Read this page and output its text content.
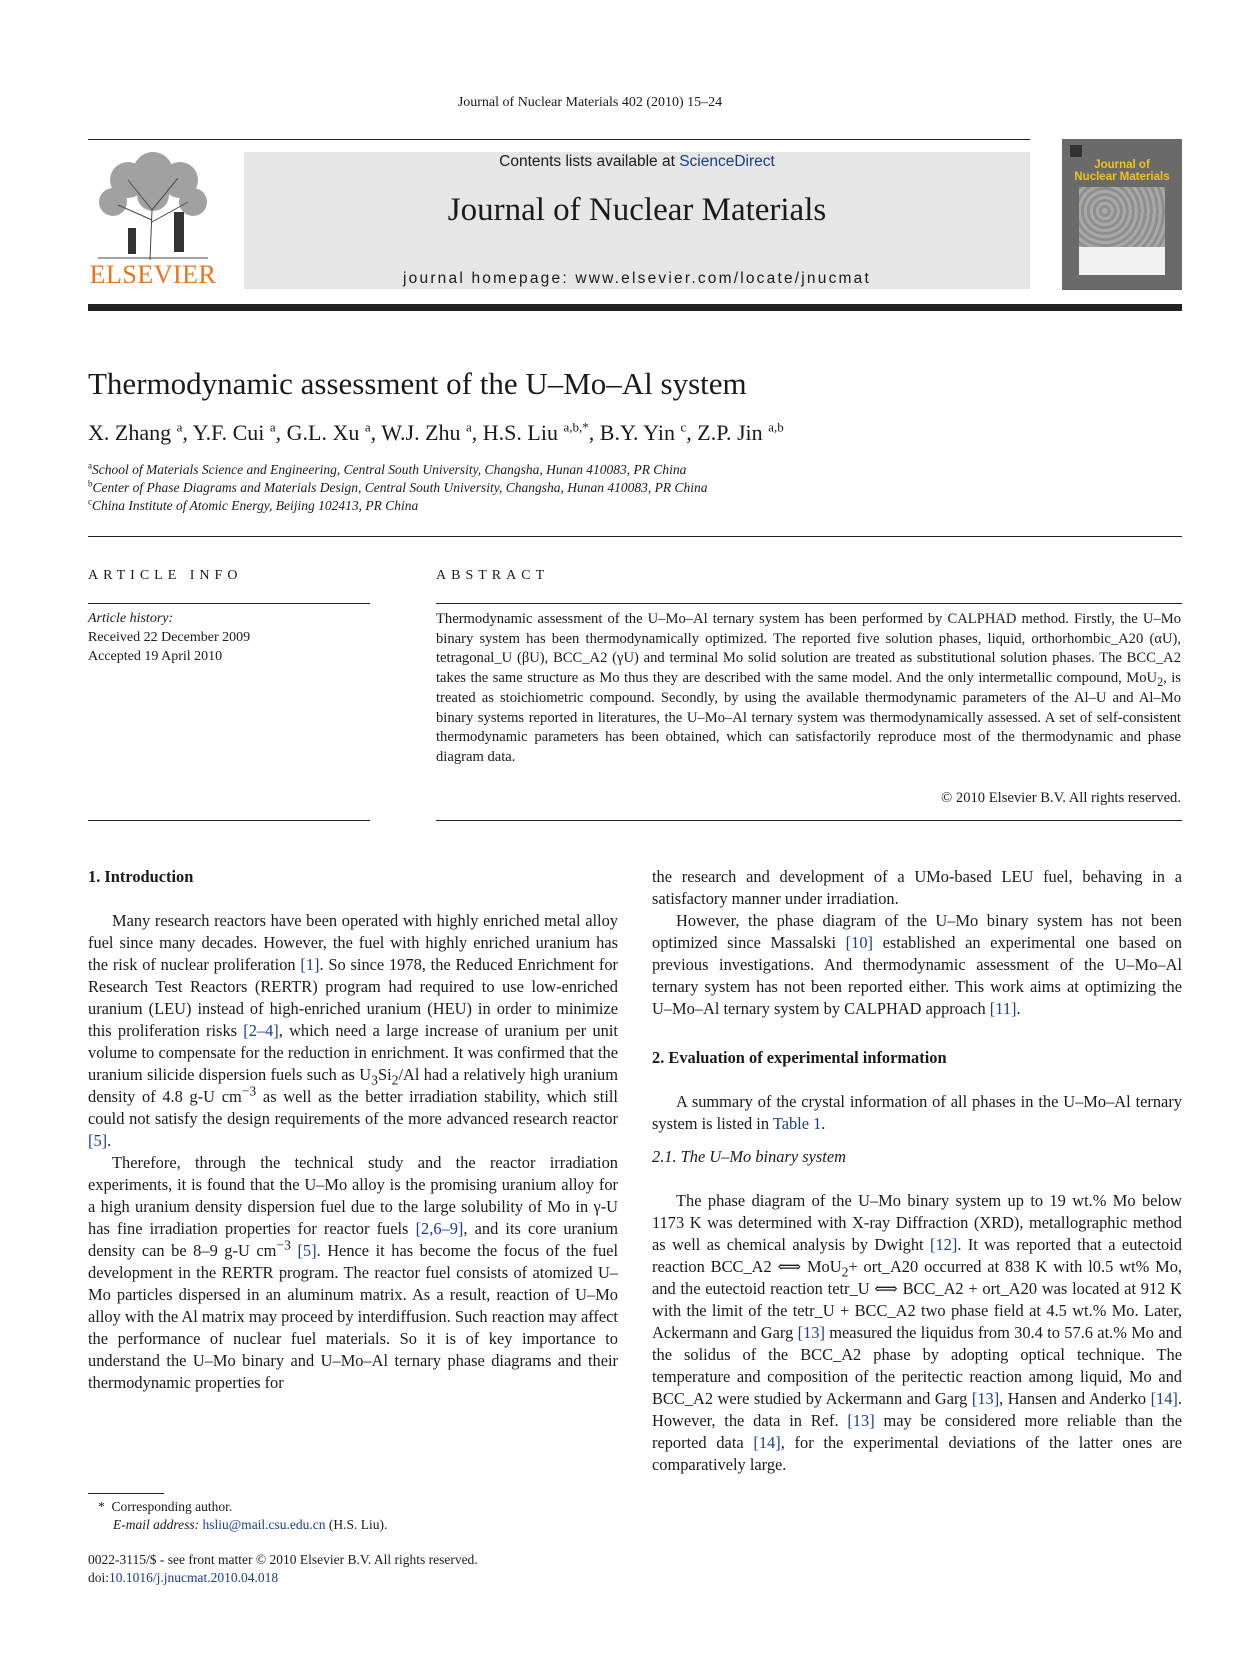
Journal of Nuclear Materials 402 (2010) 15–24
ELSEVIER
Contents lists available at ScienceDirect
Journal of Nuclear Materials
journal homepage: www.elsevier.com/locate/jnucmat
Journal of
Nuclear Materials
Thermodynamic assessment of the U–Mo–Al system
X. Zhang $^a$, Y.F. Cui $^a$, G.L. Xu $^a$, W.J. Zhu $^a$, H.S. Liu $^{a,b,*}$, B.Y. Yin $^c$, Z.P. Jin $^{a,b}$
$^a$School of Materials Science and Engineering, Central South University, Changsha, Hunan 410083, PR China
$^b$Center of Phase Diagrams and Materials Design, Central South University, Changsha, Hunan 410083, PR China
$^c$China Institute of Atomic Energy, Beijing 102413, PR China
ARTICLE INFO
Article history:
Received 22 December 2009
Accepted 19 April 2010
ABSTRACT
Thermodynamic assessment of the U–Mo–Al ternary system has been performed by CALPHAD method. Firstly, the U–Mo binary system has been thermodynamically optimized. The reported five solution phases, liquid, orthorhombic_A20 (αU), tetragonal_U (βU), BCC_A2 (γU) and terminal Mo solid solution are treated as substitutional solution phases. The BCC_A2 takes the same structure as Mo thus they are described with the same model. And the only intermetallic compound, MoU$_2$, is treated as stoichiometric compound. Secondly, by using the available thermodynamic parameters of the Al–U and Al–Mo binary systems reported in literatures, the U–Mo–Al ternary system was thermodynamically assessed. A set of self-consistent thermodynamic parameters has been obtained, which can satisfactorily reproduce most of the thermodynamic and phase diagram data.
© 2010 Elsevier B.V. All rights reserved.
1. Introduction

Many research reactors have been operated with highly enriched metal alloy fuel since many decades. However, the fuel with highly enriched uranium has the risk of nuclear proliferation [1]. So since 1978, the Reduced Enrichment for Research Test Reactors (RERTR) program had required to use low-enriched uranium (LEU) instead of high-enriched uranium (HEU) in order to minimize this proliferation risks [2–4], which need a large increase of uranium per unit volume to compensate for the reduction in enrichment. It was confirmed that the uranium silicide dispersion fuels such as $U_3Si_2/Al$ had a relatively high uranium density of 4.8 g-U $cm^{-3}$ as well as the better irradiation stability, which still could not satisfy the design requirements of the more advanced research reactor [5].

Therefore, through the technical study and the reactor irradiation experiments, it is found that the U–Mo alloy is the promising uranium alloy for a high uranium density dispersion fuel due to the large solubility of Mo in γ-U has fine irradiation properties for reactor fuels [2,6–9], and its core uranium density can be 8–9 g-U $cm^{-3}$ [5]. Hence it has become the focus of the fuel development in the RERTR program. The reactor fuel consists of atomized U–Mo particles dispersed in an aluminum matrix. As a result, reaction of U–Mo alloy with the Al matrix may proceed by interdiffusion. Such reaction may affect the performance of nuclear fuel materials. So it is of key importance to understand the U–Mo binary and U–Mo–Al ternary phase diagrams and their thermodynamic properties for

the research and development of a UMo-based LEU fuel, behaving in a satisfactory manner under irradiation.

However, the phase diagram of the U–Mo binary system has not been optimized since Massalski [10] established an experimental one based on previous investigations. And thermodynamic assessment of the U–Mo–Al ternary system has not been reported either. This work aims at optimizing the U–Mo–Al ternary system by CALPHAD approach [11].

2. Evaluation of experimental information

A summary of the crystal information of all phases in the U–Mo–Al ternary system is listed in Table 1.

2.1. The U–Mo binary system

The phase diagram of the U–Mo binary system up to 19 wt.% Mo below 1173 K was determined with X-ray Diffraction (XRD), metallographic method as well as chemical analysis by Dwight [12]. It was reported that a eutectoid reaction BCC_A2 ⟺ MoU$_2$+ ort_A20 occurred at 838 K with l0.5 wt% Mo, and the eutectoid reaction tetr_U ⟺ BCC_A2 + ort_A20 was located at 912 K with the limit of the tetr_U + BCC_A2 two phase field at 4.5 wt.% Mo. Later, Ackermann and Garg [13] measured the liquidus from 30.4 to 57.6 at.% Mo and the solidus of the BCC_A2 phase by adopting optical technique. The temperature and composition of the peritectic reaction among liquid, Mo and BCC_A2 were studied by Ackermann and Garg [13], Hansen and Anderko [14]. However, the data in Ref. [13] may be considered more reliable than the reported data [14], for the experimental deviations of the latter ones are comparatively large.

* Corresponding author.
E-mail address: hsliu@mail.csu.edu.cn (H.S. Liu).
0022-3115/$ - see front matter © 2010 Elsevier B.V. All rights reserved.
doi:10.1016/j.jnucmat.2010.04.018
